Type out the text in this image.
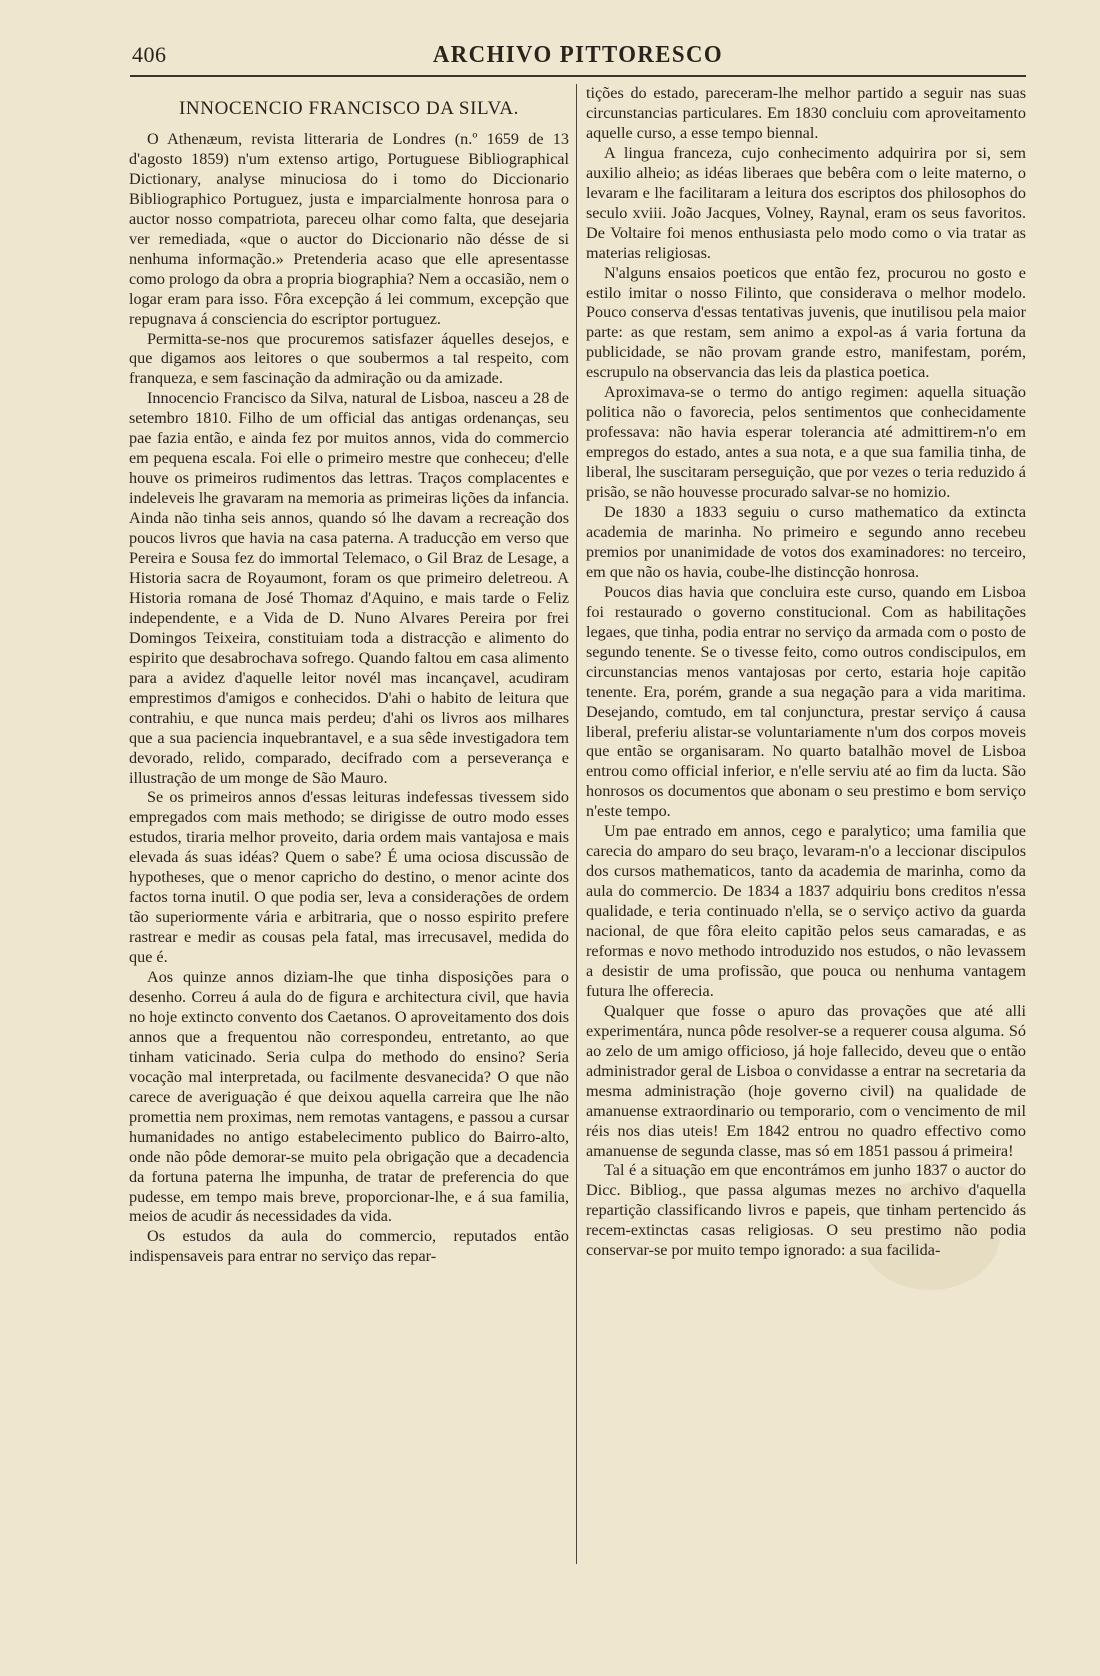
406	ARCHIVO PITTORESCO
INNOCENCIO FRANCISCO DA SILVA.

O Athenæum, revista litteraria de Londres (n.º 1659 de 13 d'agosto 1859) n'um extenso artigo, Portuguese Bibliographical Dictionary, analyse minuciosa do i tomo do Diccionario Bibliographico Portuguez, justa e imparcialmente honrosa para o auctor nosso compatriota, pareceu olhar como falta, que desejaria ver remediada, «que o auctor do Diccionario não désse de si nenhuma informação.» Pretenderia acaso que elle apresentasse como prologo da obra a propria biographia? Nem a occasião, nem o logar eram para isso. Fôra excepção á lei commum, excepção que repugnava á consciencia do escriptor portuguez.

Permitta-se-nos que procuremos satisfazer áquelles desejos, e que digamos aos leitores o que soubermos a tal respeito, com franqueza, e sem fascinação da admiração ou da amizade.

Innocencio Francisco da Silva, natural de Lisboa, nasceu a 28 de setembro 1810. Filho de um official das antigas ordenanças, seu pae fazia então, e ainda fez por muitos annos, vida do commercio em pequena escala. Foi elle o primeiro mestre que conheceu; d'elle houve os primeiros rudimentos das lettras. Traços complacentes e indeleveis lhe gravaram na memoria as primeiras lições da infancia. Ainda não tinha seis annos, quando só lhe davam a recreação dos poucos livros que havia na casa paterna. A traducção em verso que Pereira e Sousa fez do immortal Telemaco, o Gil Braz de Lesage, a Historia sacra de Royaumont, foram os que primeiro deletreou. A Historia romana de José Thomaz d'Aquino, e mais tarde o Feliz independente, e a Vida de D. Nuno Alvares Pereira por frei Domingos Teixeira, constituiam toda a distracção e alimento do espirito que desabrochava sofrego. Quando faltou em casa alimento para a avidez d'aquelle leitor novél mas incançavel, acudiram emprestimos d'amigos e conhecidos. D'ahi o habito de leitura que contrahiu, e que nunca mais perdeu; d'ahi os livros aos milhares que a sua paciencia inquebrantavel, e a sua sêde investigadora tem devorado, relido, comparado, decifrado com a perseverança e illustração de um monge de São Mauro.

Se os primeiros annos d'essas leituras indefessas tivessem sido empregados com mais methodo; se dirigisse de outro modo esses estudos, tiraria melhor proveito, daria ordem mais vantajosa e mais elevada ás suas idéas? Quem o sabe? É uma ociosa discussão de hypotheses, que o menor capricho do destino, o menor acinte dos factos torna inutil. O que podia ser, leva a considerações de ordem tão superiormente vária e arbitraria, que o nosso espirito prefere rastrear e medir as cousas pela fatal, mas irrecusavel, medida do que é.

Aos quinze annos diziam-lhe que tinha disposições para o desenho. Correu á aula do de figura e architectura civil, que havia no hoje extincto convento dos Caetanos. O aproveitamento dos dois annos que a frequentou não correspondeu, entretanto, ao que tinham vaticinado. Seria culpa do methodo do ensino? Seria vocação mal interpretada, ou facilmente desvanecida? O que não carece de averiguação é que deixou aquella carreira que lhe não promettia nem proximas, nem remotas vantagens, e passou a cursar humanidades no antigo estabelecimento publico do Bairro-alto, onde não pôde demorar-se muito pela obrigação que a decadencia da fortuna paterna lhe impunha, de tratar de preferencia do que pudesse, em tempo mais breve, proporcionar-lhe, e á sua familia, meios de acudir ás necessidades da vida.

Os estudos da aula do commercio, reputados então indispensaveis para entrar no serviço das repar-

tições do estado, pareceram-lhe melhor partido a seguir nas suas circunstancias particulares. Em 1830 concluiu com aproveitamento aquelle curso, a esse tempo biennal.

A lingua franceza, cujo conhecimento adquirira por si, sem auxilio alheio; as idéas liberaes que bebêra com o leite materno, o levaram e lhe facilitaram a leitura dos escriptos dos philosophos do seculo xviii. João Jacques, Volney, Raynal, eram os seus favoritos. De Voltaire foi menos enthusiasta pelo modo como o via tratar as materias religiosas.

N'alguns ensaios poeticos que então fez, procurou no gosto e estilo imitar o nosso Filinto, que considerava o melhor modelo. Pouco conserva d'essas tentativas juvenis, que inutilisou pela maior parte: as que restam, sem animo a expol-as á varia fortuna da publicidade, se não provam grande estro, manifestam, porém, escrupulo na observancia das leis da plastica poetica.

Aproximava-se o termo do antigo regimen: aquella situação politica não o favorecia, pelos sentimentos que conhecidamente professava: não havia esperar tolerancia até admittirem-n'o em empregos do estado, antes a sua nota, e a que sua familia tinha, de liberal, lhe suscitaram perseguição, que por vezes o teria reduzido á prisão, se não houvesse procurado salvar-se no homizio.

De 1830 a 1833 seguiu o curso mathematico da extincta academia de marinha. No primeiro e segundo anno recebeu premios por unanimidade de votos dos examinadores: no terceiro, em que não os havia, coube-lhe distincção honrosa.

Poucos dias havia que concluira este curso, quando em Lisboa foi restaurado o governo constitucional. Com as habilitações legaes, que tinha, podia entrar no serviço da armada com o posto de segundo tenente. Se o tivesse feito, como outros condiscipulos, em circunstancias menos vantajosas por certo, estaria hoje capitão tenente. Era, porém, grande a sua negação para a vida maritima. Desejando, comtudo, em tal conjunctura, prestar serviço á causa liberal, preferiu alistar-se voluntariamente n'um dos corpos moveis que então se organisaram. No quarto batalhão movel de Lisboa entrou como official inferior, e n'elle serviu até ao fim da lucta. São honrosos os documentos que abonam o seu prestimo e bom serviço n'este tempo.

Um pae entrado em annos, cego e paralytico; uma familia que carecia do amparo do seu braço, levaram-n'o a leccionar discipulos dos cursos mathematicos, tanto da academia de marinha, como da aula do commercio. De 1834 a 1837 adquiriu bons creditos n'essa qualidade, e teria continuado n'ella, se o serviço activo da guarda nacional, de que fôra eleito capitão pelos seus camaradas, e as reformas e novo methodo introduzido nos estudos, o não levassem a desistir de uma profissão, que pouca ou nenhuma vantagem futura lhe offerecia.

Qualquer que fosse o apuro das provações que até alli experimentára, nunca pôde resolver-se a requerer cousa alguma. Só ao zelo de um amigo officioso, já hoje fallecido, deveu que o então administrador geral de Lisboa o convidasse a entrar na secretaria da mesma administração (hoje governo civil) na qualidade de amanuense extraordinario ou temporario, com o vencimento de mil réis nos dias uteis! Em 1842 entrou no quadro effectivo como amanuense de segunda classe, mas só em 1851 passou á primeira!

Tal é a situação em que encontrámos em junho 1837 o auctor do Dicc. Bibliog., que passa algumas mezes no archivo d'aquella repartição classificando livros e papeis, que tinham pertencido ás recem-extinctas casas religiosas. O seu prestimo não podia conservar-se por muito tempo ignorado: a sua facilida-
